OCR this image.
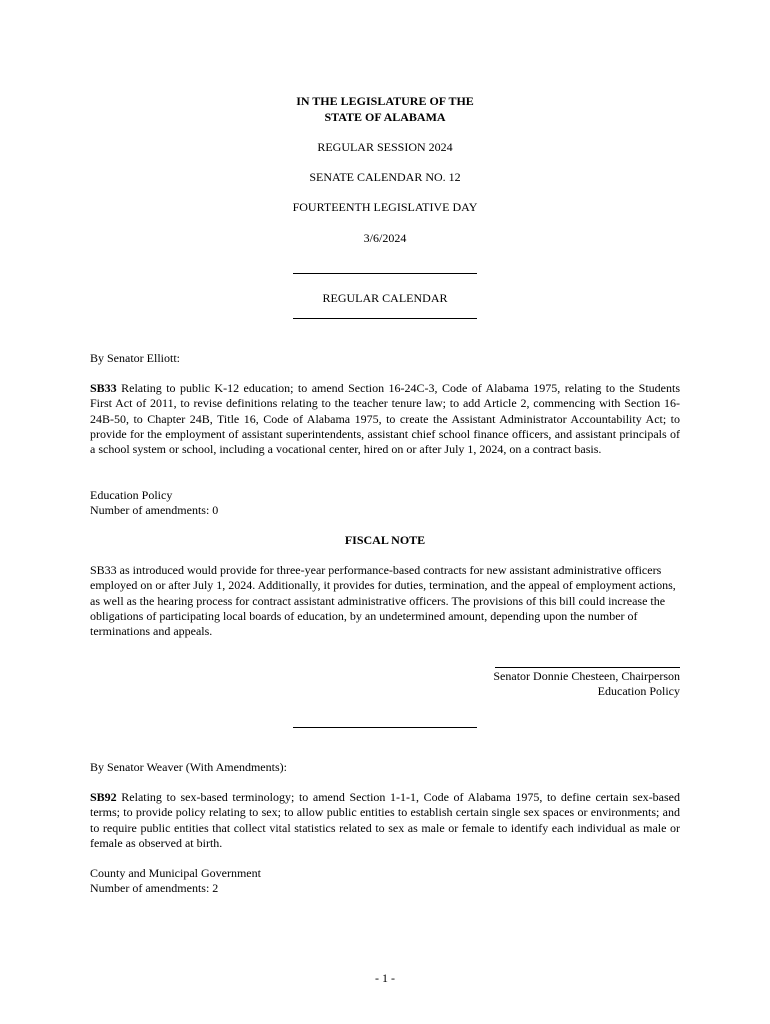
IN THE LEGISLATURE OF THE
STATE OF ALABAMA
REGULAR SESSION 2024
SENATE CALENDAR NO. 12
FOURTEENTH LEGISLATIVE DAY
3/6/2024
REGULAR CALENDAR
By Senator Elliott:
SB33 Relating to public K-12 education; to amend Section 16-24C-3, Code of Alabama 1975, relating to the Students First Act of 2011, to revise definitions relating to the teacher tenure law; to add Article 2, commencing with Section 16-24B-50, to Chapter 24B, Title 16, Code of Alabama 1975, to create the Assistant Administrator Accountability Act; to provide for the employment of assistant superintendents, assistant chief school finance officers, and assistant principals of a school system or school, including a vocational center, hired on or after July 1, 2024, on a contract basis.
Education Policy
Number of amendments: 0
FISCAL NOTE
SB33 as introduced would provide for three-year performance-based contracts for new assistant administrative officers employed on or after July 1, 2024. Additionally, it provides for duties, termination, and the appeal of employment actions, as well as the hearing process for contract assistant administrative officers. The provisions of this bill could increase the obligations of participating local boards of education, by an undetermined amount, depending upon the number of terminations and appeals.
Senator Donnie Chesteen, Chairperson
Education Policy
By Senator Weaver (With Amendments):
SB92 Relating to sex-based terminology; to amend Section 1-1-1, Code of Alabama 1975, to define certain sex-based terms; to provide policy relating to sex; to allow public entities to establish certain single sex spaces or environments; and to require public entities that collect vital statistics related to sex as male or female to identify each individual as male or female as observed at birth.
County and Municipal Government
Number of amendments: 2
- 1 -
